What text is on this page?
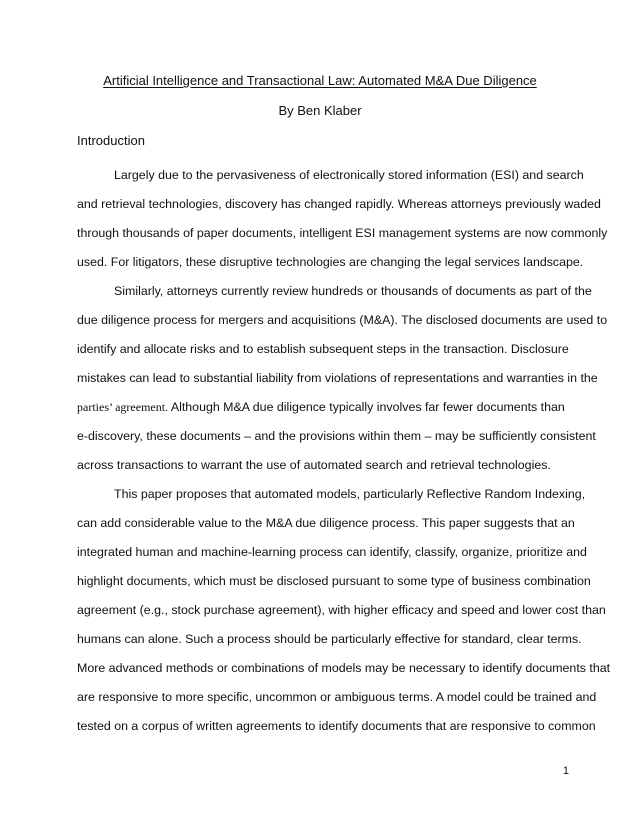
Artificial Intelligence and Transactional Law: Automated M&A Due Diligence
By Ben Klaber
Introduction
Largely due to the pervasiveness of electronically stored information (ESI) and search
and retrieval technologies, discovery has changed rapidly. Whereas attorneys previously waded
through thousands of paper documents, intelligent ESI management systems are now commonly
used. For litigators, these disruptive technologies are changing the legal services landscape.
Similarly, attorneys currently review hundreds or thousands of documents as part of the
due diligence process for mergers and acquisitions (M&A). The disclosed documents are used to
identify and allocate risks and to establish subsequent steps in the transaction. Disclosure
mistakes can lead to substantial liability from violations of representations and warranties in the
parties’ agreement. Although M&A due diligence typically involves far fewer documents than
e-discovery, these documents – and the provisions within them – may be sufficiently consistent
across transactions to warrant the use of automated search and retrieval technologies.
This paper proposes that automated models, particularly Reflective Random Indexing,
can add considerable value to the M&A due diligence process. This paper suggests that an
integrated human and machine-learning process can identify, classify, organize, prioritize and
highlight documents, which must be disclosed pursuant to some type of business combination
agreement (e.g., stock purchase agreement), with higher efficacy and speed and lower cost than
humans can alone. Such a process should be particularly effective for standard, clear terms.
More advanced methods or combinations of models may be necessary to identify documents that
are responsive to more specific, uncommon or ambiguous terms. A model could be trained and
tested on a corpus of written agreements to identify documents that are responsive to common
1
